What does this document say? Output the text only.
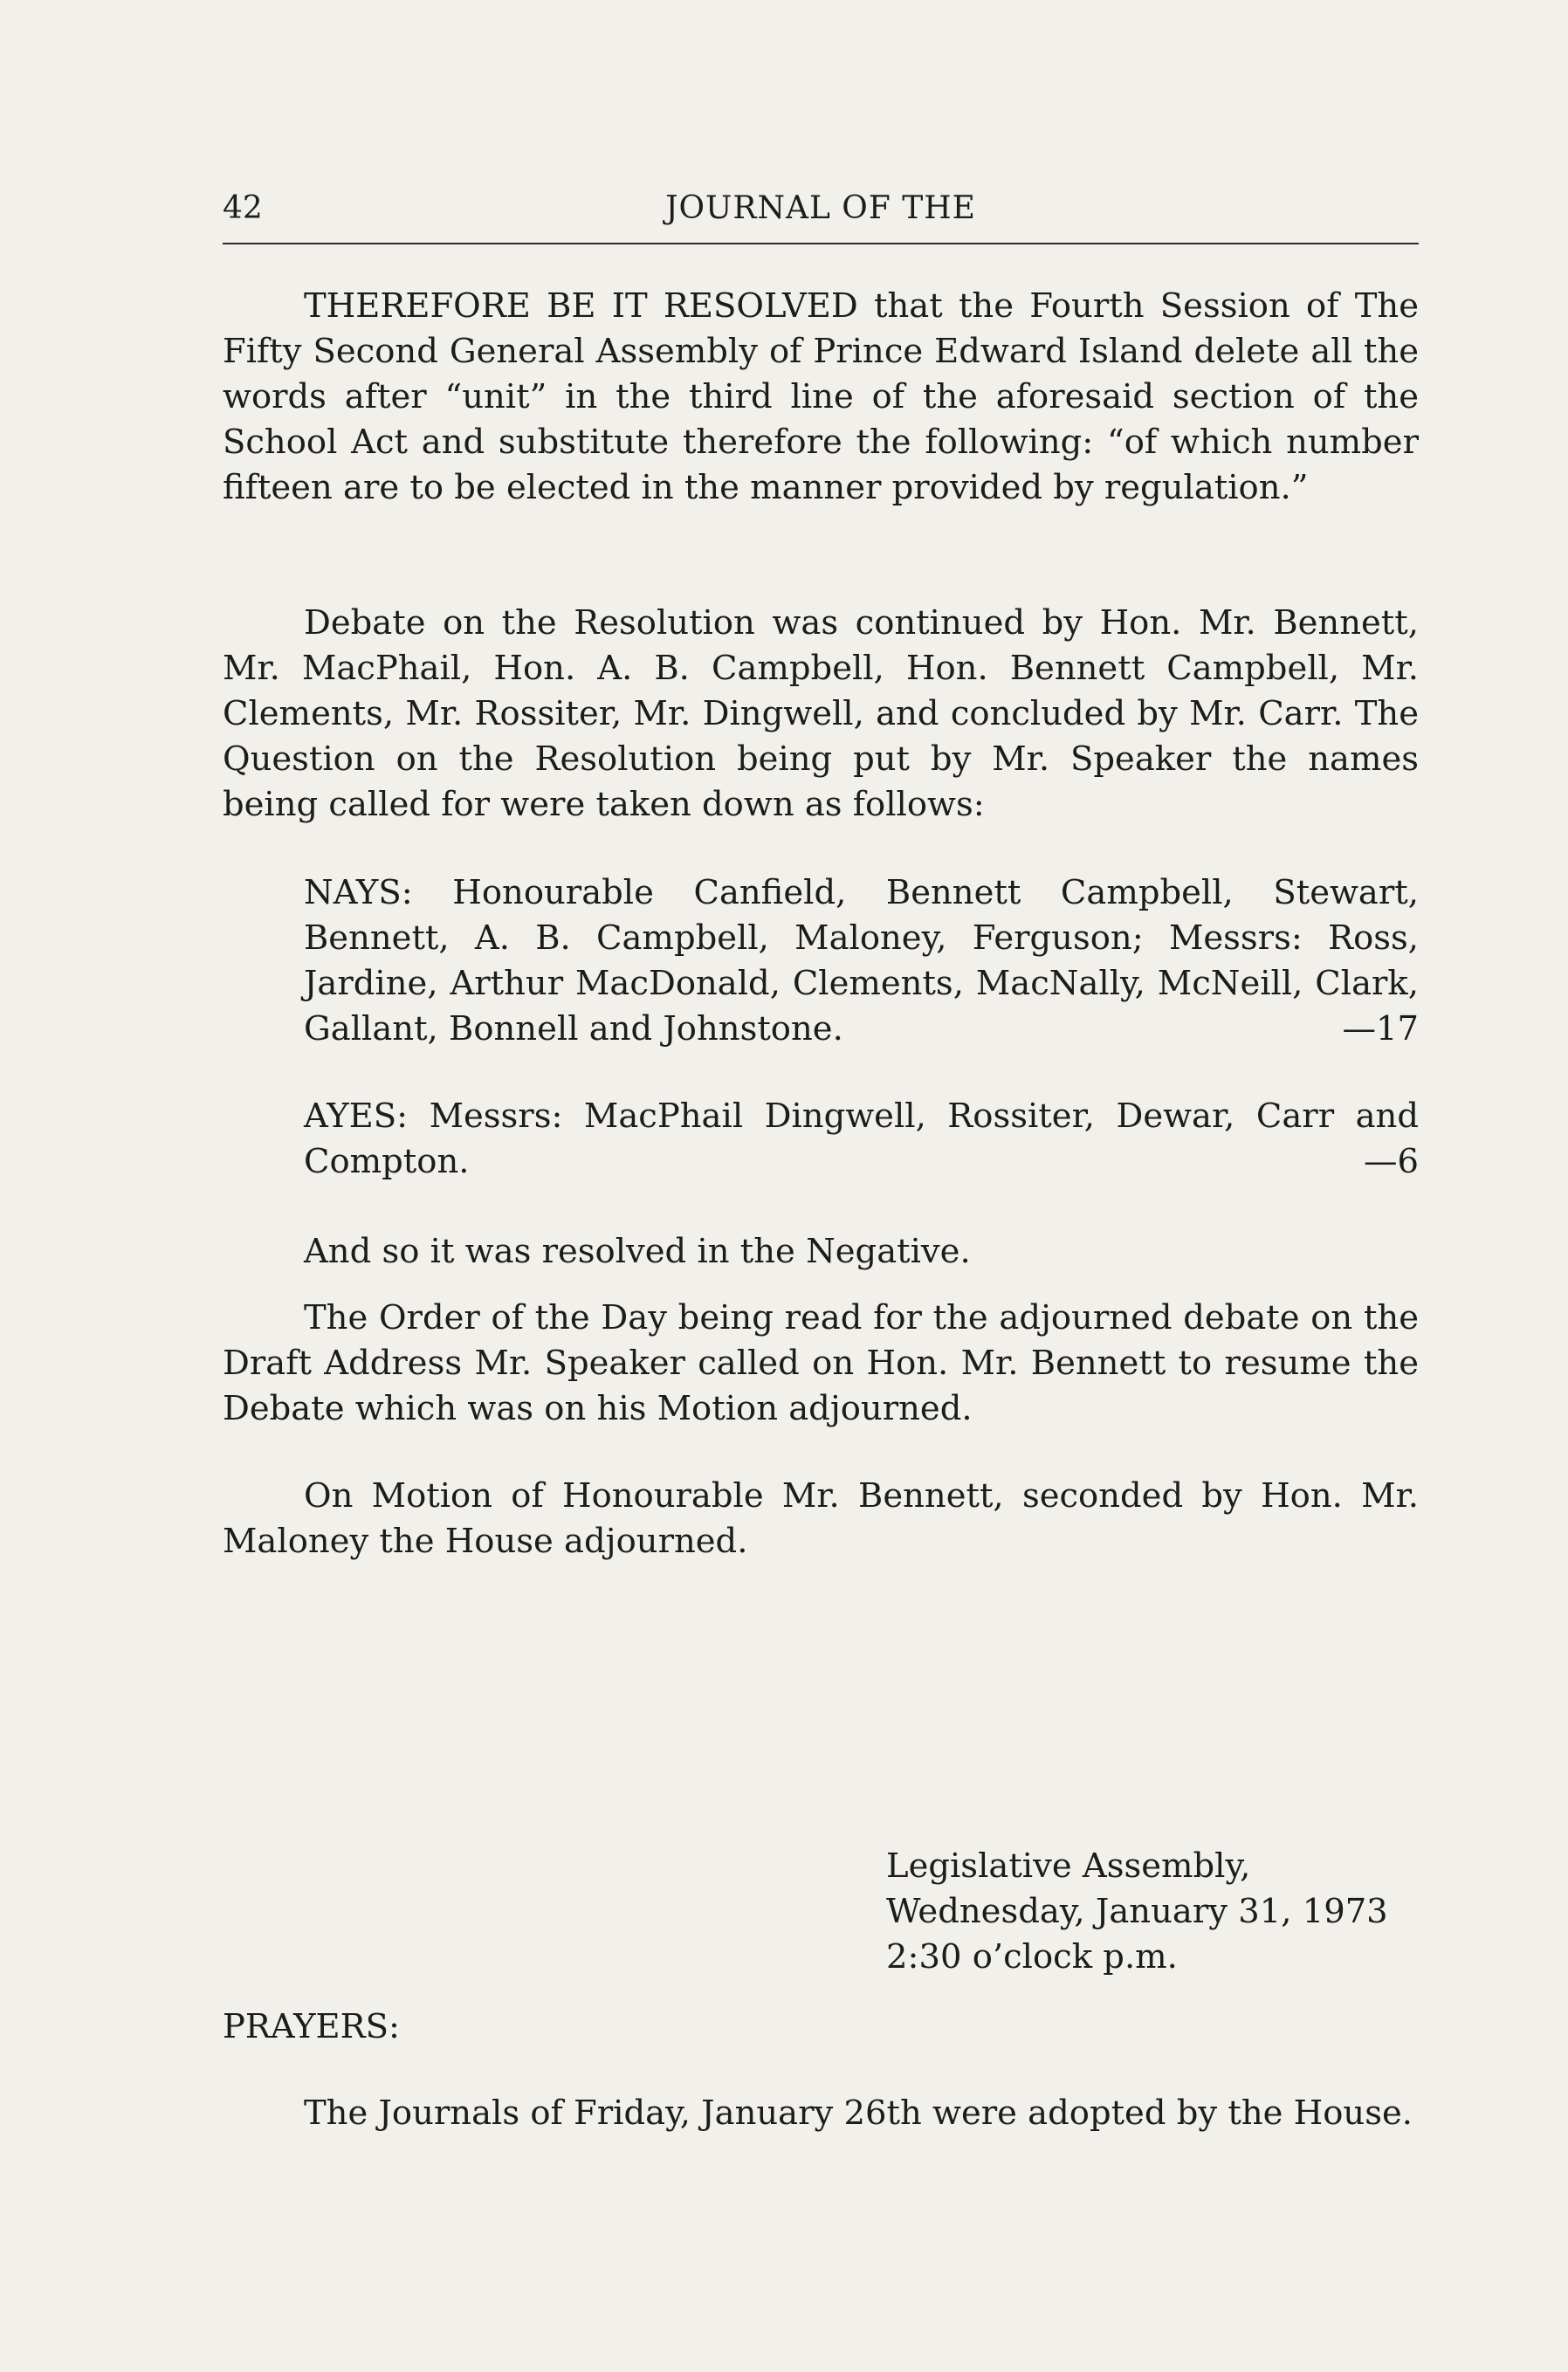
42	JOURNAL OF THE

THEREFORE BE IT RESOLVED that the Fourth Session of The Fifty Second General Assembly of Prince Edward Island delete all the words after “unit” in the third line of the aforesaid section of the School Act and substitute therefore the following: “of which number fifteen are to be elected in the manner provided by regulation.”

Debate on the Resolution was continued by Hon. Mr. Bennett, Mr. MacPhail, Hon. A. B. Campbell, Hon. Bennett Campbell, Mr. Clements, Mr. Rossiter, Mr. Dingwell, and concluded by Mr. Carr. The Question on the Resolution being put by Mr. Speaker the names being called for were taken down as follows:

NAYS: Honourable Canfield, Bennett Campbell, Stewart, Bennett, A. B. Campbell, Maloney, Ferguson; Messrs: Ross, Jardine, Arthur MacDonald, Clements, MacNally, McNeill, Clark, Gallant, Bonnell and Johnstone.	—17
AYES: Messrs: MacPhail Dingwell, Rossiter, Dewar, Carr and Compton.	—6

And so it was resolved in the Negative.

The Order of the Day being read for the adjourned debate on the Draft Address Mr. Speaker called on Hon. Mr. Bennett to resume the Debate which was on his Motion adjourned.

On Motion of Honourable Mr. Bennett, seconded by Hon. Mr. Maloney the House adjourned.

Legislative Assembly,
Wednesday, January 31, 1973
2:30 o’clock p.m.
PRAYERS:

The Journals of Friday, January 26th were adopted by the House.
